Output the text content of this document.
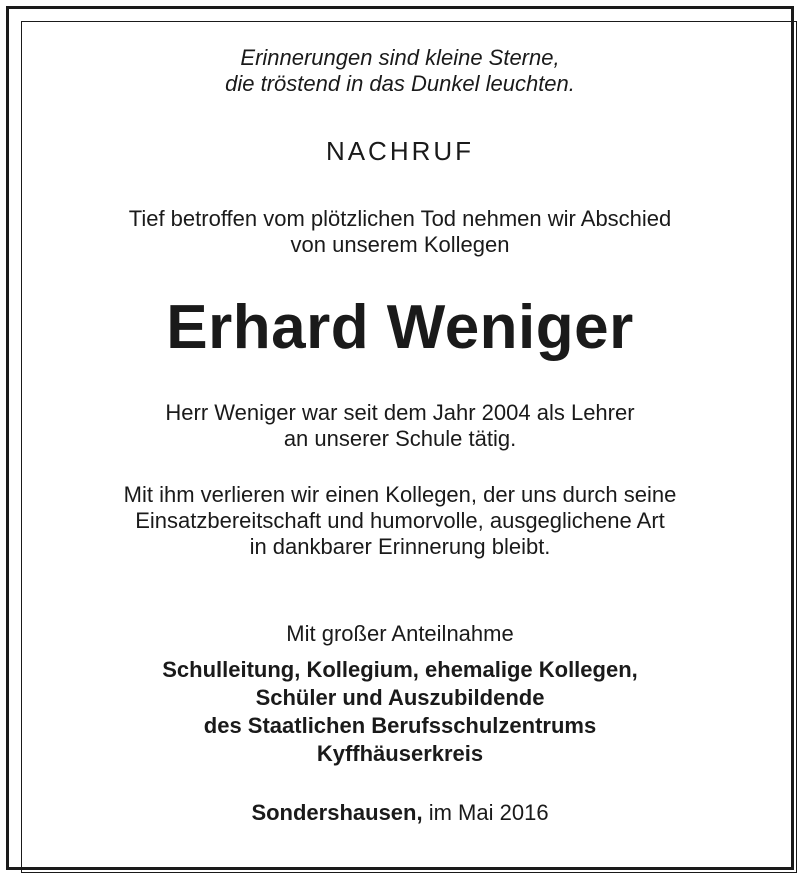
Erinnerungen sind kleine Sterne,
die tröstend in das Dunkel leuchten.

NACHRUF

Tief betroffen vom plötzlichen Tod nehmen wir Abschied
von unserem Kollegen

Erhard Weniger

Herr Weniger war seit dem Jahr 2004 als Lehrer
an unserer Schule tätig.

Mit ihm verlieren wir einen Kollegen, der uns durch seine
Einsatzbereitschaft und humorvolle, ausgeglichene Art
in dankbarer Erinnerung bleibt.

Mit großer Anteilnahme

Schulleitung, Kollegium, ehemalige Kollegen,
Schüler und Auszubildende
des Staatlichen Berufsschulzentrums
Kyffhäuserkreis

Sondershausen, im Mai 2016
